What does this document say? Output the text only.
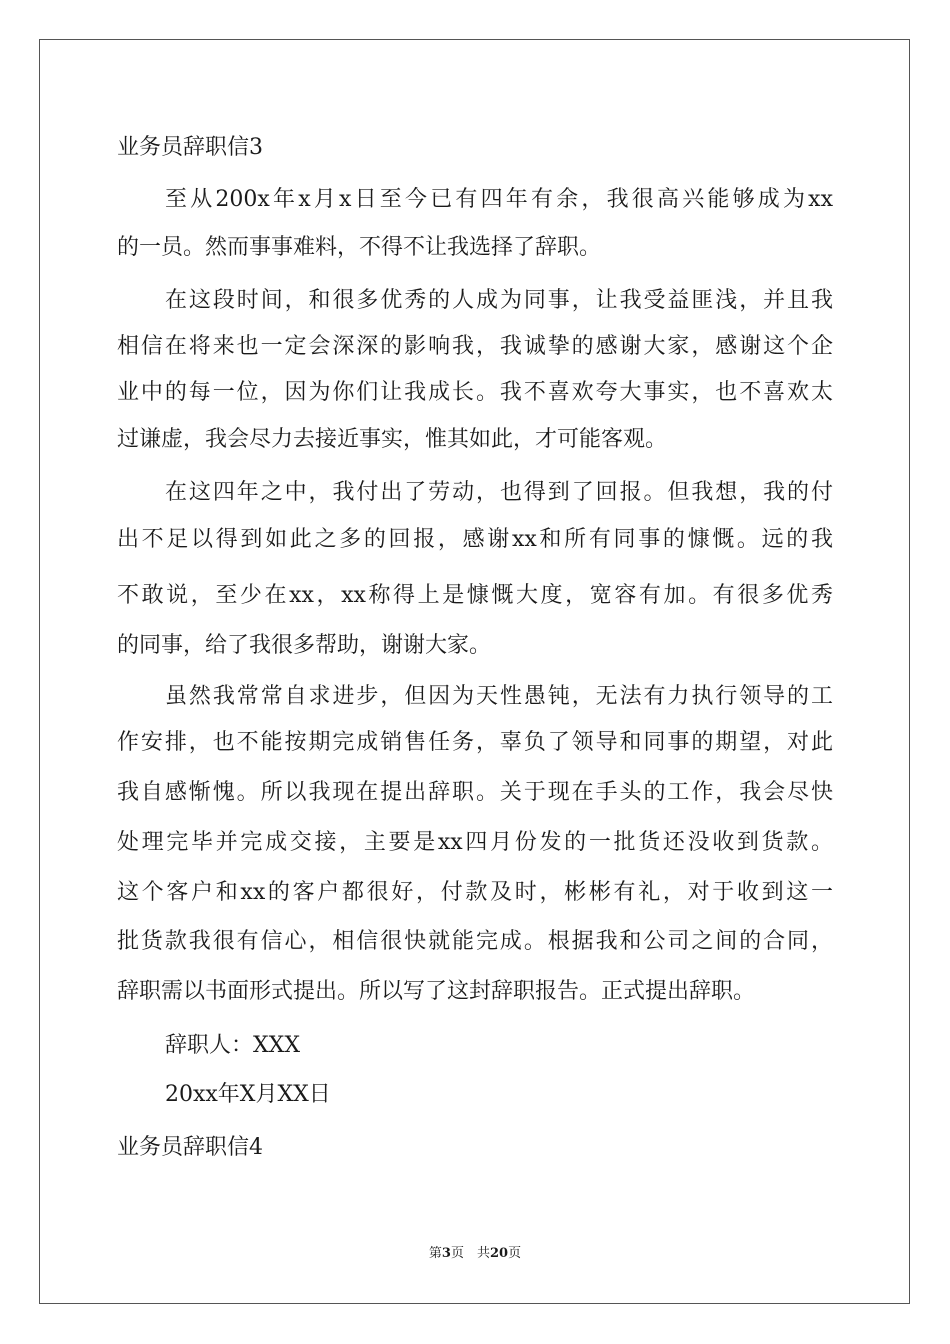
业务员辞职信3

至从200x年x月x日至今已有四年有余，我很高兴能够成为xx

的一员。然而事事难料，不得不让我选择了辞职。

在这段时间，和很多优秀的人成为同事，让我受益匪浅，并且我

相信在将来也一定会深深的影响我，我诚挚的感谢大家，感谢这个企

业中的每一位，因为你们让我成长。我不喜欢夸大事实，也不喜欢太

过谦虚，我会尽力去接近事实，惟其如此，才可能客观。

在这四年之中，我付出了劳动，也得到了回报。但我想，我的付

出不足以得到如此之多的回报，感谢xx和所有同事的慷慨。远的我

不敢说，至少在xx，xx称得上是慷慨大度，宽容有加。有很多优秀

的同事，给了我很多帮助，谢谢大家。

虽然我常常自求进步，但因为天性愚钝，无法有力执行领导的工

作安排，也不能按期完成销售任务，辜负了领导和同事的期望，对此

我自感惭愧。所以我现在提出辞职。关于现在手头的工作，我会尽快

处理完毕并完成交接，主要是xx四月份发的一批货还没收到货款。

这个客户和xx的客户都很好，付款及时，彬彬有礼，对于收到这一

批货款我很有信心，相信很快就能完成。根据我和公司之间的合同，

辞职需以书面形式提出。所以写了这封辞职报告。正式提出辞职。

辞职人：XXX

20xx年X月XX日

业务员辞职信4

第3页　共20页
